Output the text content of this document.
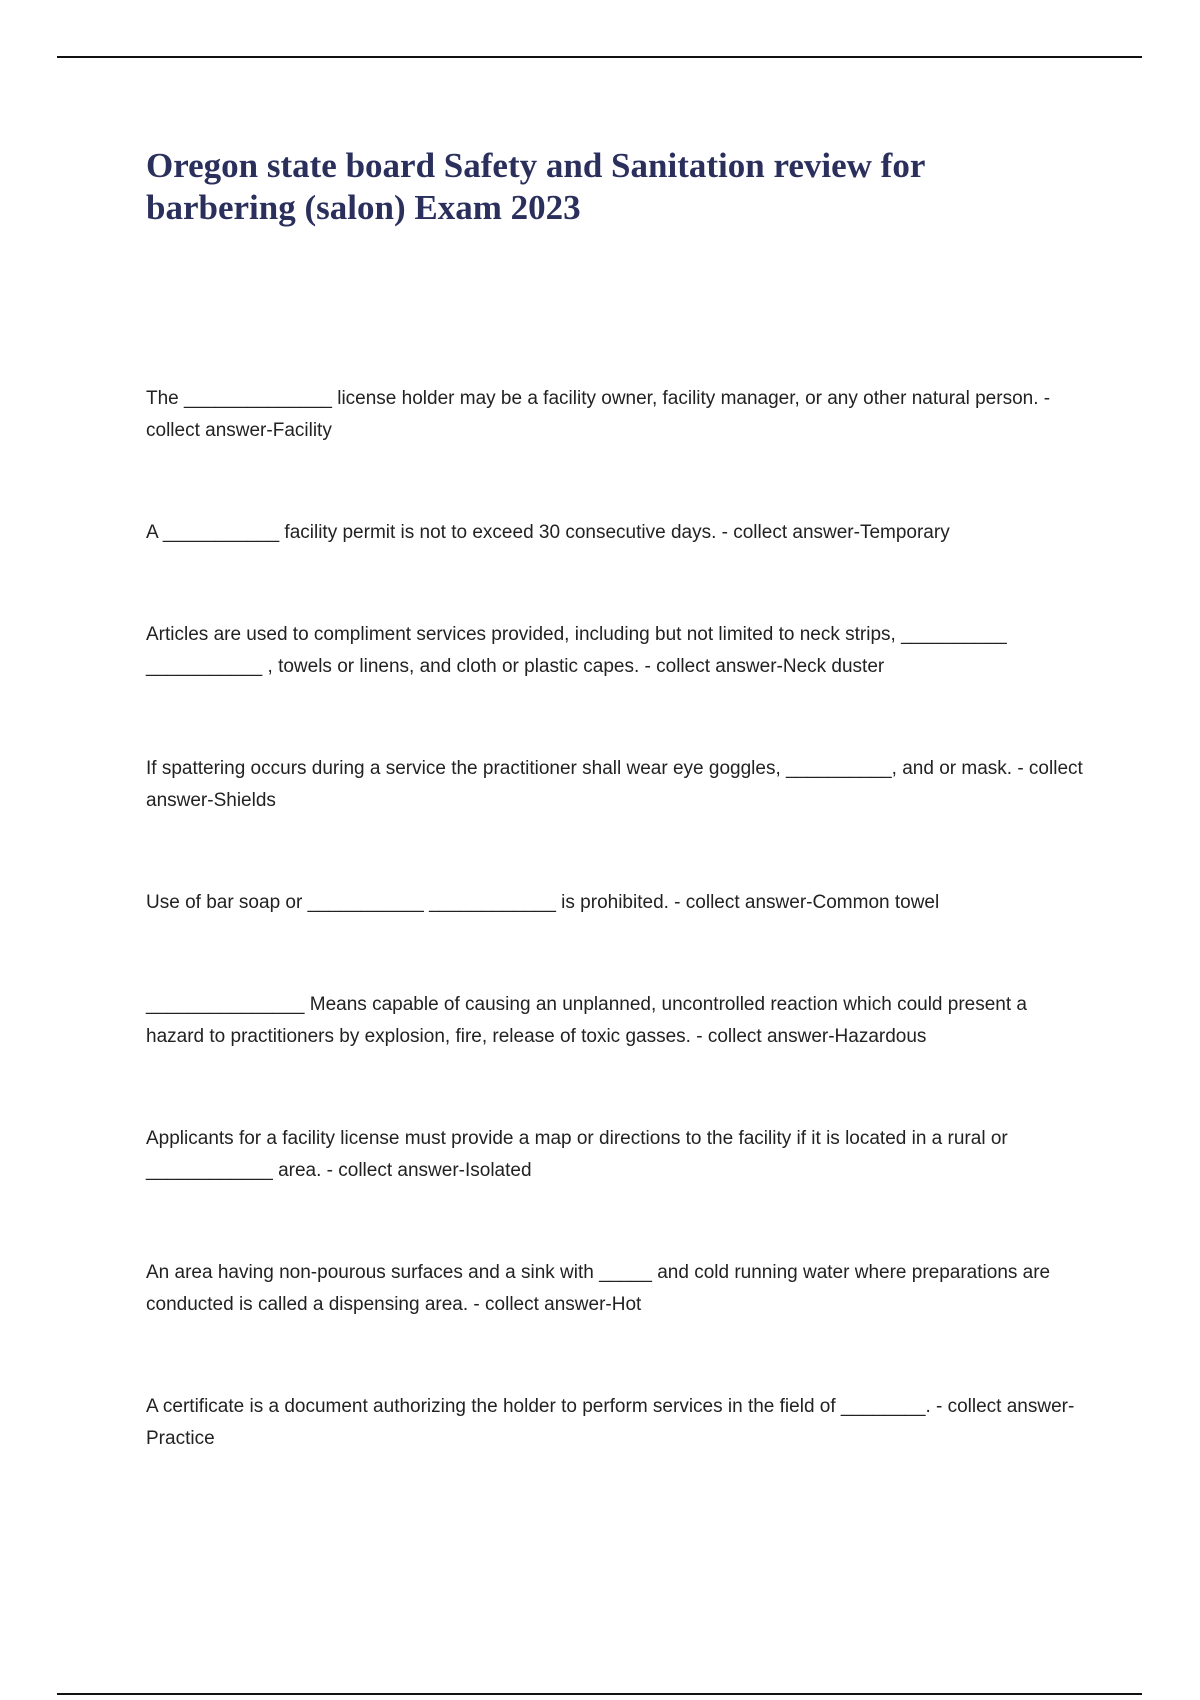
Oregon state board Safety and Sanitation review for barbering (salon) Exam 2023
The ______________ license holder may be a facility owner, facility manager, or any other natural person. - collect answer-Facility
A ___________ facility permit is not to exceed 30 consecutive days. - collect answer-Temporary
Articles are used to compliment services provided, including but not limited to neck strips, __________ ___________ , towels or linens, and cloth or plastic capes. - collect answer-Neck duster
If spattering occurs during a service the practitioner shall wear eye goggles, __________, and or mask. - collect answer-Shields
Use of bar soap or ___________ ____________ is prohibited. - collect answer-Common towel
_______________ Means capable of causing an unplanned, uncontrolled reaction which could present a hazard to practitioners by explosion, fire, release of toxic gasses. - collect answer-Hazardous
Applicants for a facility license must provide a map or directions to the facility if it is located in a rural or ____________ area. - collect answer-Isolated
An area having non-pourous surfaces and a sink with _____ and cold running water where preparations are conducted is called a dispensing area. - collect answer-Hot
A certificate is a document authorizing the holder to perform services in the field of ________. - collect answer-Practice
